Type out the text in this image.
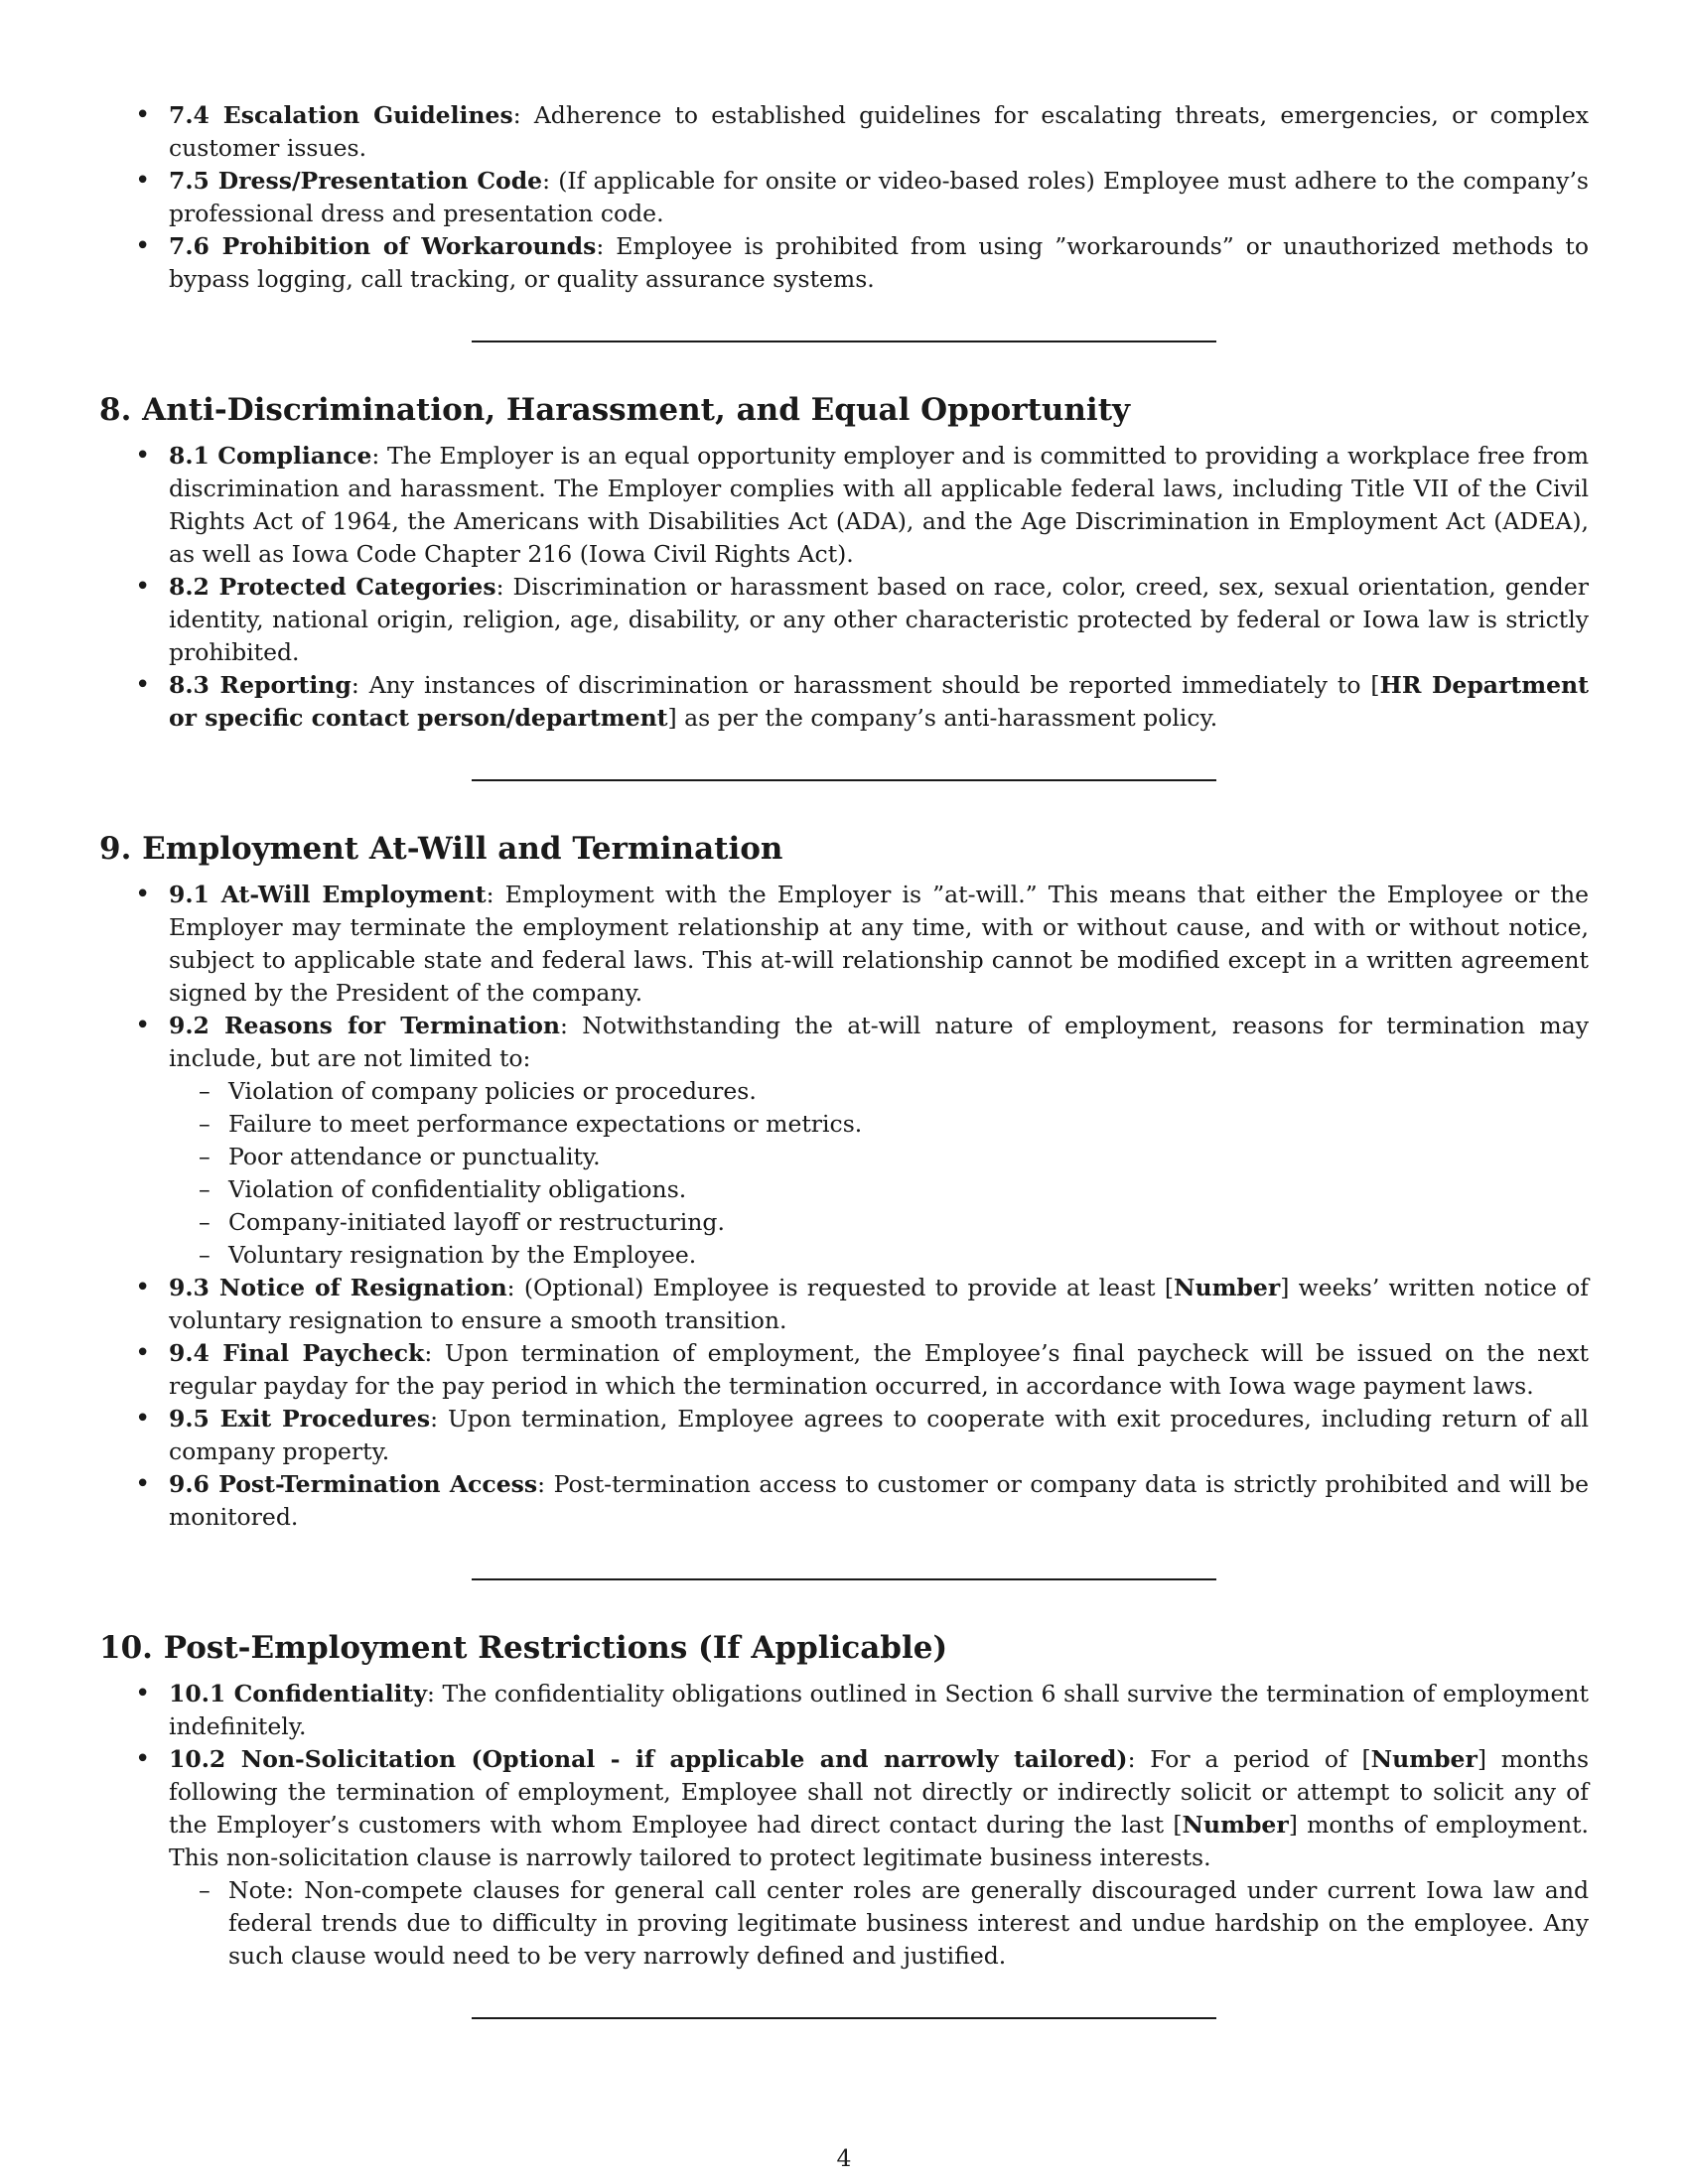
• 7.4 Escalation Guidelines: Adherence to established guidelines for escalating threats, emergencies, or complex customer issues.
• 7.5 Dress/Presentation Code: (If applicable for onsite or video-based roles) Employee must adhere to the company’s professional dress and presentation code.
• 7.6 Prohibition of Workarounds: Employee is prohibited from using ”workarounds” or unauthorized methods to bypass logging, call tracking, or quality assurance systems.
8. Anti-Discrimination, Harassment, and Equal Opportunity
• 8.1 Compliance: The Employer is an equal opportunity employer and is committed to providing a workplace free from discrimination and harassment. The Employer complies with all applicable federal laws, including Title VII of the Civil Rights Act of 1964, the Americans with Disabilities Act (ADA), and the Age Discrimination in Employment Act (ADEA), as well as Iowa Code Chapter 216 (Iowa Civil Rights Act).
• 8.2 Protected Categories: Discrimination or harassment based on race, color, creed, sex, sexual orientation, gender identity, national origin, religion, age, disability, or any other characteristic protected by federal or Iowa law is strictly prohibited.
• 8.3 Reporting: Any instances of discrimination or harassment should be reported immediately to [HR Department or specific contact person/department] as per the company’s anti-harassment policy.
9. Employment At-Will and Termination
• 9.1 At-Will Employment: Employment with the Employer is ”at-will.” This means that either the Employee or the Employer may terminate the employment relationship at any time, with or without cause, and with or without notice, subject to applicable state and federal laws. This at-will relationship cannot be modified except in a written agreement signed by the President of the company.
• 9.2 Reasons for Termination: Notwithstanding the at-will nature of employment, reasons for termination may include, but are not limited to:
– Violation of company policies or procedures.
– Failure to meet performance expectations or metrics.
– Poor attendance or punctuality.
– Violation of confidentiality obligations.
– Company-initiated layoff or restructuring.
– Voluntary resignation by the Employee.
• 9.3 Notice of Resignation: (Optional) Employee is requested to provide at least [Number] weeks’ written notice of voluntary resignation to ensure a smooth transition.
• 9.4 Final Paycheck: Upon termination of employment, the Employee’s final paycheck will be issued on the next regular payday for the pay period in which the termination occurred, in accordance with Iowa wage payment laws.
• 9.5 Exit Procedures: Upon termination, Employee agrees to cooperate with exit procedures, including return of all company property.
• 9.6 Post-Termination Access: Post-termination access to customer or company data is strictly prohibited and will be monitored.
10. Post-Employment Restrictions (If Applicable)
• 10.1 Confidentiality: The confidentiality obligations outlined in Section 6 shall survive the termination of employment indefinitely.
• 10.2 Non-Solicitation (Optional - if applicable and narrowly tailored): For a period of [Number] months following the termination of employment, Employee shall not directly or indirectly solicit or attempt to solicit any of the Employer’s customers with whom Employee had direct contact during the last [Number] months of employment. This non-solicitation clause is narrowly tailored to protect legitimate business interests.
– Note: Non-compete clauses for general call center roles are generally discouraged under current Iowa law and federal trends due to difficulty in proving legitimate business interest and undue hardship on the employee. Any such clause would need to be very narrowly defined and justified.
4
